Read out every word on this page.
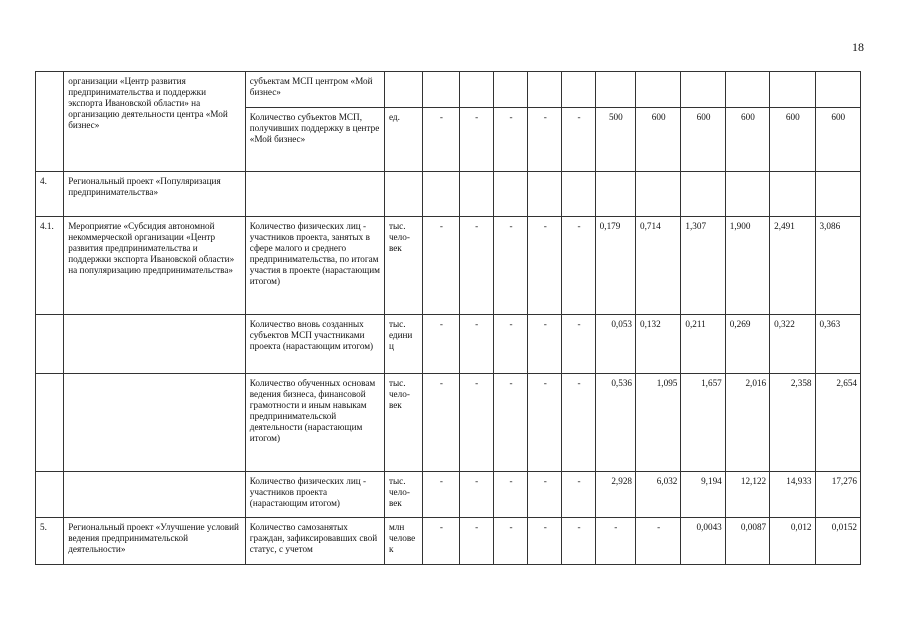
18
	организации «Центр развития предпринимательства и поддержки экспорта Ивановской области» на организацию деятельности центра «Мой бизнес»	субъектам МСП центром «Мой бизнес»												
		Количество субъектов МСП, получивших поддержку в центре «Мой бизнес»	ед.	-	-	-	-	-	500	600	600	600	600	600
4.	Региональный проект «Популяризация предпринимательства»													
4.1.	Мероприятие «Субсидия автономной некоммерческой организации «Центр развития предпринимательства и поддержки экспорта Ивановской области» на популяризацию предпринимательства»	Количество физических лиц - участников проекта, занятых в сфере малого и среднего предпринимательства, по итогам участия в проекте (нарастающим итогом)	тыс.
чело-
век	-	-	-	-	-	0,179	0,714	1,307	1,900	2,491	3,086
		Количество вновь созданных субъектов МСП участниками проекта (нарастающим итогом)	тыс.
едини
ц	-	-	-	-	-	0,053	0,132	0,211	0,269	0,322	0,363
		Количество обученных основам ведения бизнеса, финансовой грамотности и иным навыкам предпринимательской деятельности (нарастающим итогом)	тыс.
чело-
век	-	-	-	-	-	0,536	1,095	1,657	2,016	2,358	2,654
		Количество физических лиц - участников проекта (нарастающим итогом)	тыс.
чело-
век	-	-	-	-	-	2,928	6,032	9,194	12,122	14,933	17,276
5.	Региональный проект «Улучшение условий ведения предпринимательской деятельности»	Количество самозанятых граждан, зафиксировавших свой статус, с учетом	млн
челове
к	-	-	-	-	-	-	-	0,0043	0,0087	0,012	0,0152
